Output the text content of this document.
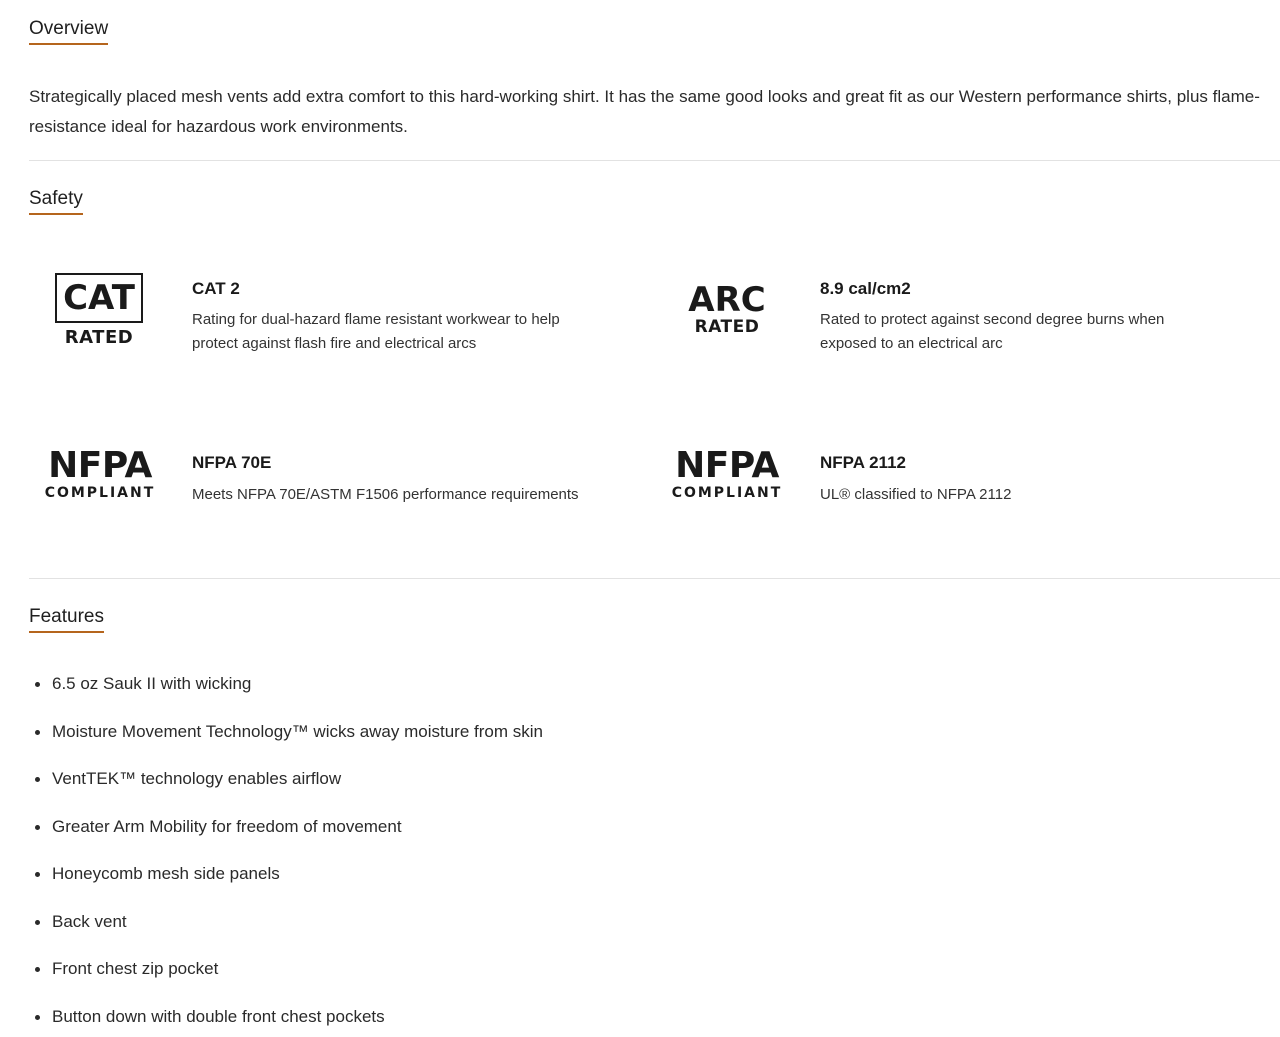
Overview

Strategically placed mesh vents add extra comfort to this hard-working shirt. It has the same good looks and great fit as our Western performance shirts, plus flame-resistance ideal for hazardous work environments.

Safety
CAT
RATED
CAT 2
Rating for dual-hazard flame resistant workwear to help protect against flash fire and electrical arcs
ARC
RATED
8.9 cal/cm2
Rated to protect against second degree burns when exposed to an electrical arc
NFPA
COMPLIANT
NFPA 70E
Meets NFPA 70E/ASTM F1506 performance requirements
NFPA
COMPLIANT
NFPA 2112
UL® classified to NFPA 2112
Features
6.5 oz Sauk II with wicking
Moisture Movement Technology™ wicks away moisture from skin
VentTEK™ technology enables airflow
Greater Arm Mobility for freedom of movement
Honeycomb mesh side panels
Back vent
Front chest zip pocket
Button down with double front chest pockets
